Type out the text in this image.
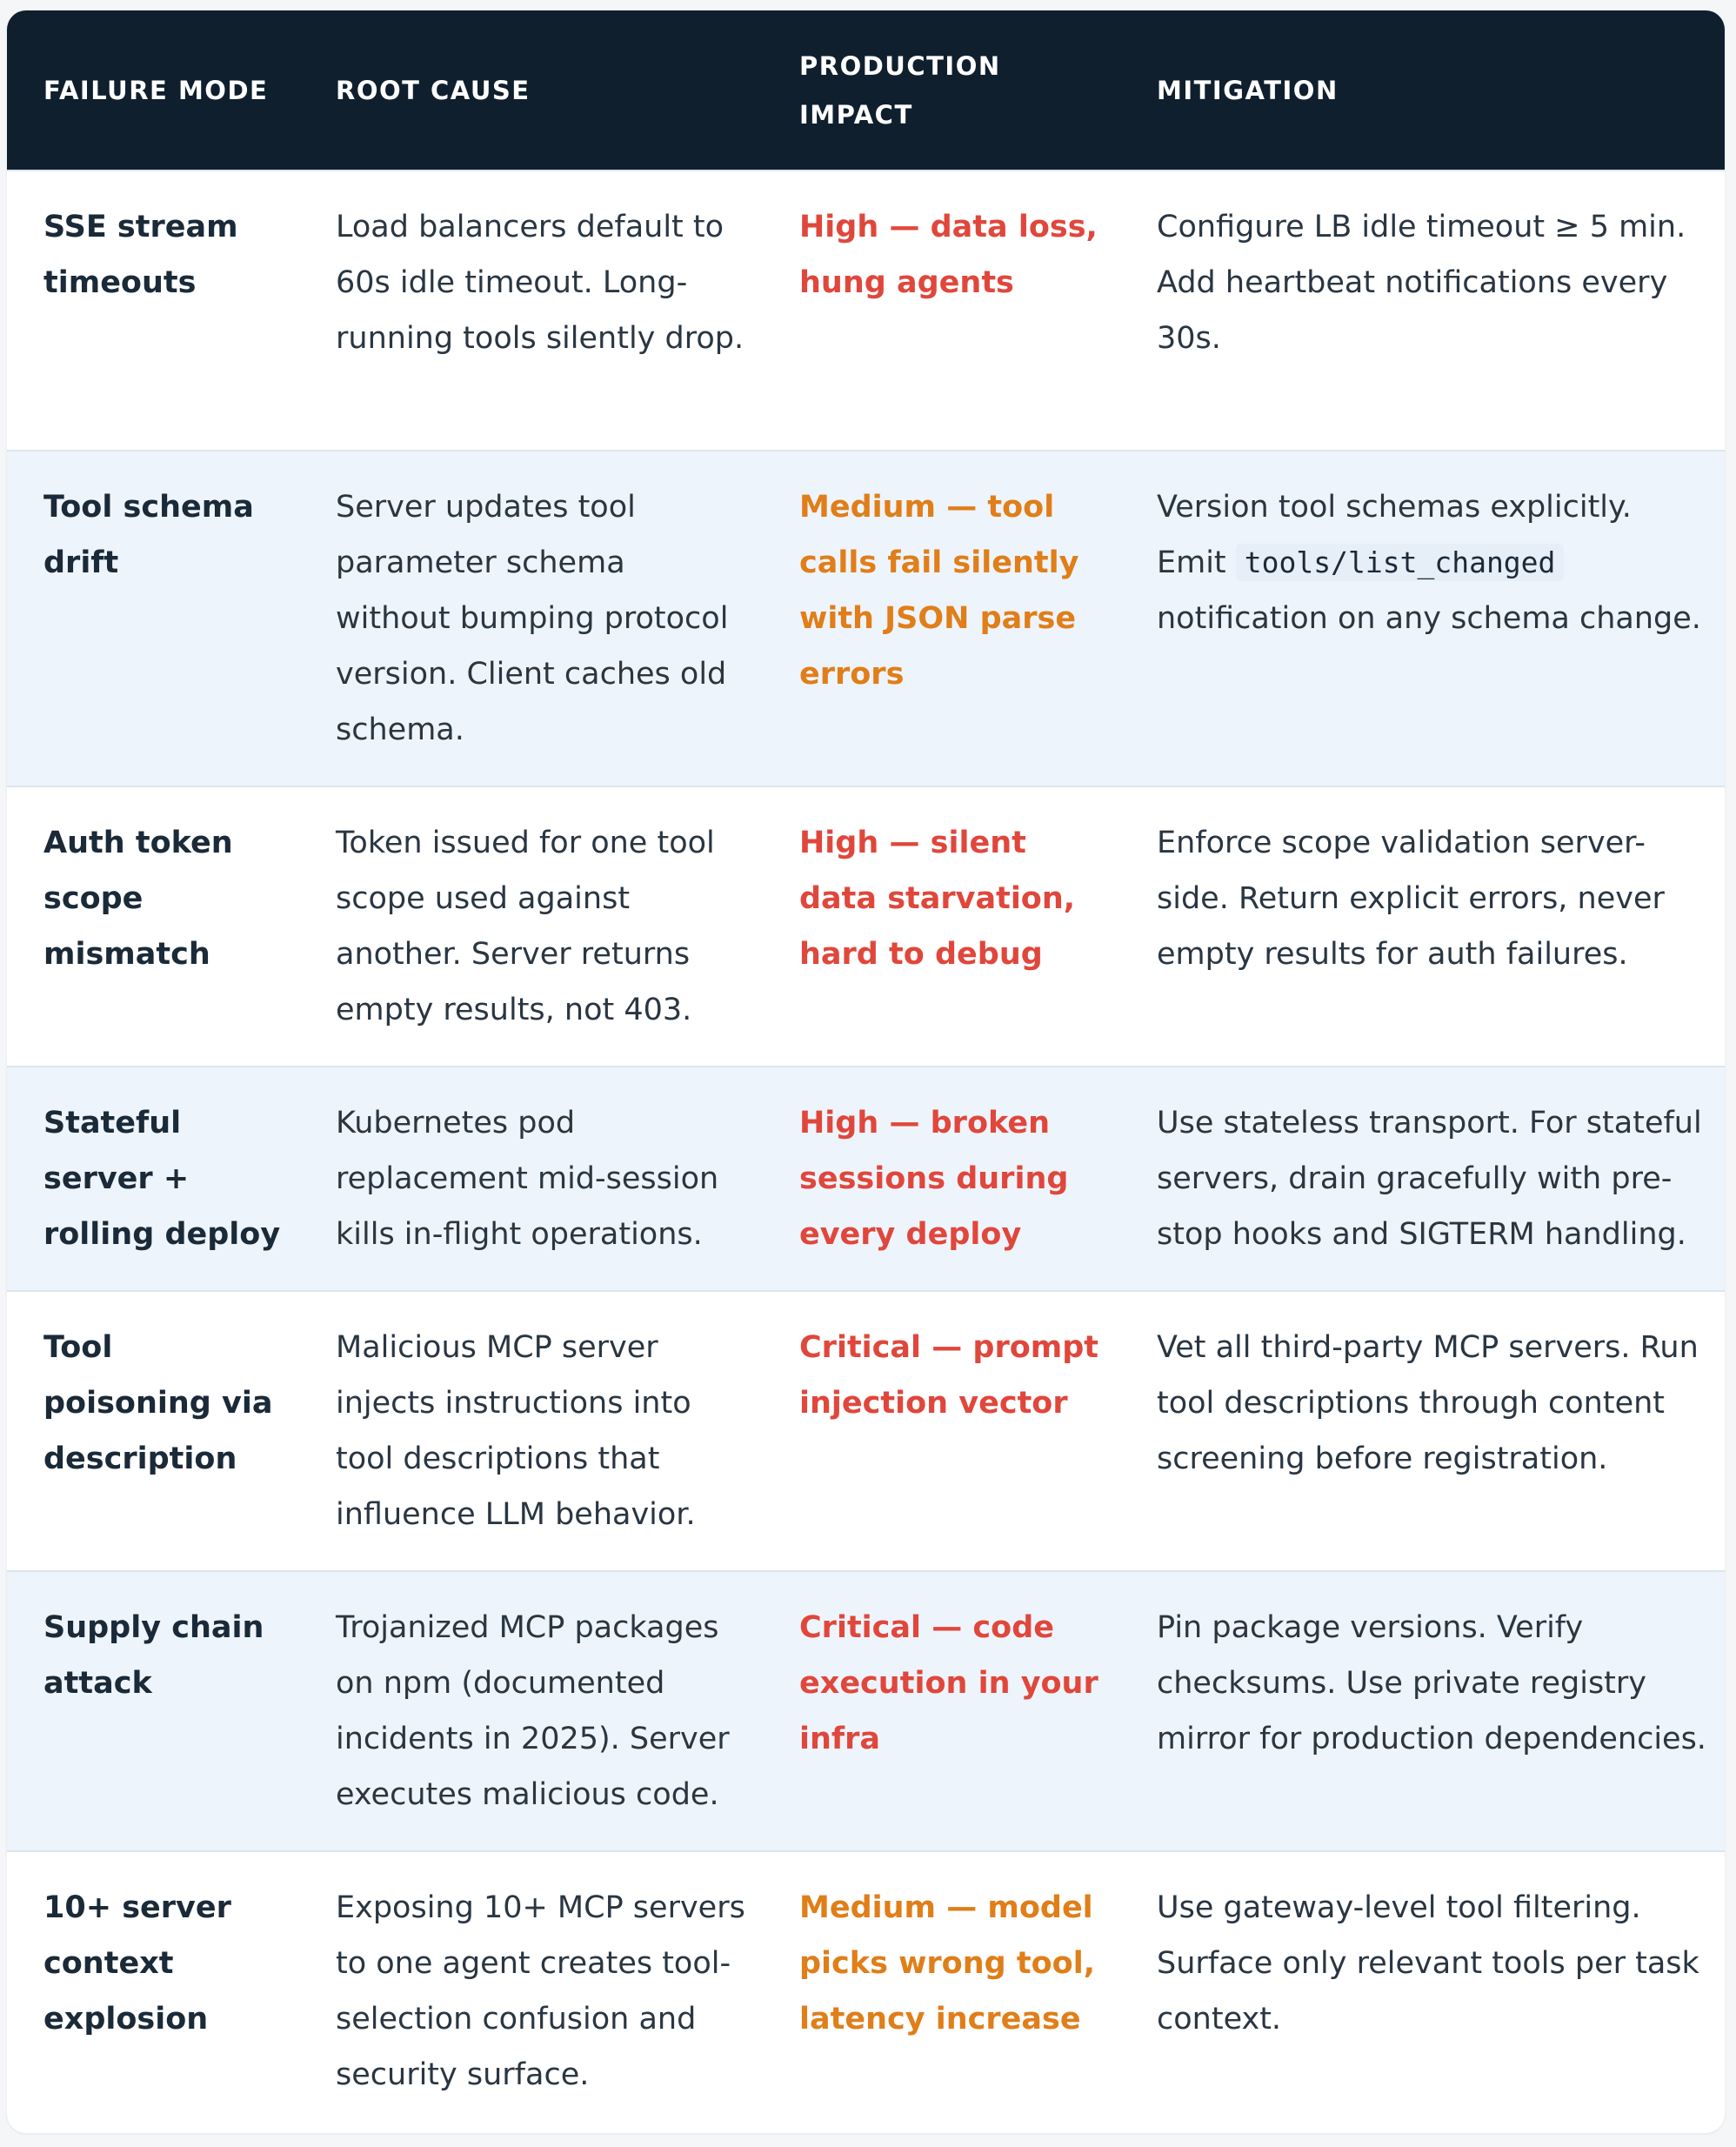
FAILURE MODE	ROOT CAUSE	PRODUCTION IMPACT	MITIGATION
SSE stream timeouts	Load balancers default to 60s idle timeout. Long-running tools silently drop.	High — data loss, hung agents	Configure LB idle timeout ≥ 5 min. Add heartbeat notifications every 30s.
Tool schema drift	Server updates tool parameter schema without bumping protocol version. Client caches old schema.	Medium — tool calls fail silently with JSON parse errors	Version tool schemas explicitly. Emit tools/list_changed notification on any schema change.
Auth token scope mismatch	Token issued for one tool scope used against another. Server returns empty results, not 403.	High — silent data starvation, hard to debug	Enforce scope validation server-side. Return explicit errors, never empty results for auth failures.
Stateful server + rolling deploy	Kubernetes pod replacement mid-session kills in-flight operations.	High — broken sessions during every deploy	Use stateless transport. For stateful servers, drain gracefully with pre-stop hooks and SIGTERM handling.
Tool poisoning via description	Malicious MCP server injects instructions into tool descriptions that influence LLM behavior.	Critical — prompt injection vector	Vet all third-party MCP servers. Run tool descriptions through content screening before registration.
Supply chain attack	Trojanized MCP packages on npm (documented incidents in 2025). Server executes malicious code.	Critical — code execution in your infra	Pin package versions. Verify checksums. Use private registry mirror for production dependencies.
10+ server context explosion	Exposing 10+ MCP servers to one agent creates tool-selection confusion and security surface.	Medium — model picks wrong tool, latency increase	Use gateway-level tool filtering. Surface only relevant tools per task context.
